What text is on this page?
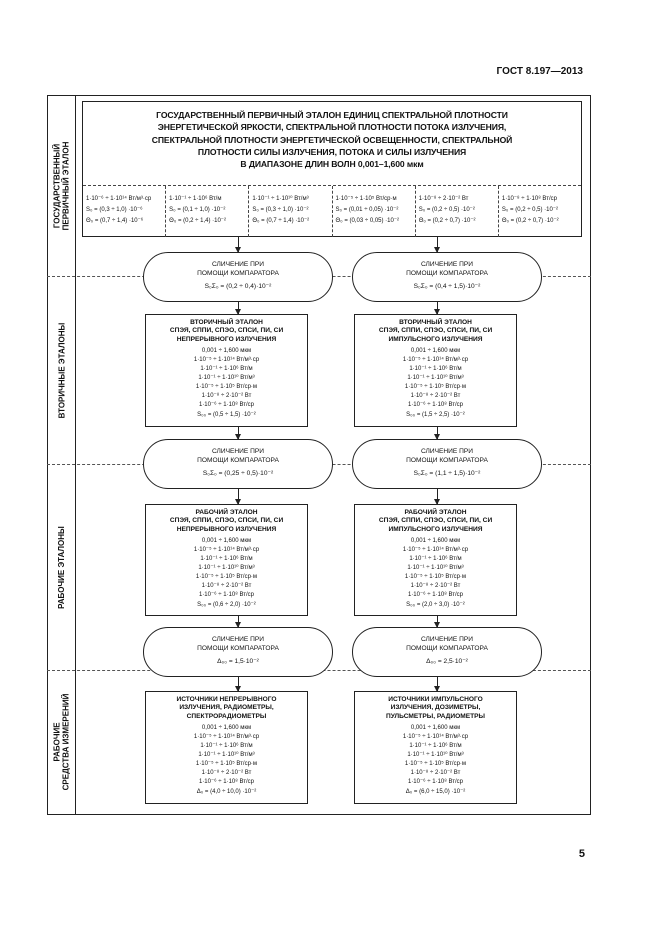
ГОСТ 8.197—2013
ГОСУДАРСТВЕННЫЙ
ПЕРВИЧНЫЙ ЭТАЛОН
ВТОРИЧНЫЕ ЭТАЛОНЫ
РАБОЧИЕ ЭТАЛОНЫ
РАБОЧИЕ
СРЕДСТВА ИЗМЕРЕНИЙ
ГОСУДАРСТВЕННЫЙ ПЕРВИЧНЫЙ ЭТАЛОН ЕДИНИЦ СПЕКТРАЛЬНОЙ ПЛОТНОСТИ
ЭНЕРГЕТИЧЕСКОЙ ЯРКОСТИ, СПЕКТРАЛЬНОЙ ПЛОТНОСТИ ПОТОКА ИЗЛУЧЕНИЯ,
СПЕКТРАЛЬНОЙ ПЛОТНОСТИ ЭНЕРГЕТИЧЕСКОЙ ОСВЕЩЕННОСТИ, СПЕКТРАЛЬНОЙ
ПЛОТНОСТИ СИЛЫ ИЗЛУЧЕНИЯ, ПОТОКА И СИЛЫ ИЗЛУЧЕНИЯ
В ДИАПАЗОНЕ ДЛИН ВОЛН 0,001–1,600 мкм
1·10⁻⁶ ÷ 1·10¹⁴ Вт/м³·ср
S₀ = (0,3 ÷ 1,0) ·10⁻⁶
Θ₀ = (0,7 ÷ 1,4) ·10⁻⁶
1·10⁻¹ ÷ 1·10⁶ Вт/м
S₀ = (0,1 ÷ 1,0) ·10⁻²
Θ₀ = (0,2 ÷ 1,4) ·10⁻²
1·10⁻¹ ÷ 1·10¹⁰ Вт/м³
S₀ = (0,3 ÷ 1,0) ·10⁻²
Θ₀ = (0,7 ÷ 1,4) ·10⁻²
1·10⁻⁵ ÷ 1·10⁵ Вт/ср·м
S₀ = (0,01 ÷ 0,05) ·10⁻²
Θ₀ = (0,03 ÷ 0,05) ·10⁻²
1·10⁻⁸ ÷ 2·10⁻² Вт
S₀ = (0,2 ÷ 0,5) ·10⁻²
Θ₀ = (0,2 ÷ 0,7) ·10⁻²
1·10⁻⁸ ÷ 1·10⁸ Вт/ср
S₀ = (0,2 ÷ 0,5) ·10⁻²
Θ₀ = (0,2 ÷ 0,7) ·10⁻²
СЛИЧЕНИЕ ПРИ
ПОМОЩИ КОМПАРАТОРА
S₀Σ₀ = (0,2 ÷ 0,4)·10⁻²
СЛИЧЕНИЕ ПРИ
ПОМОЩИ КОМПАРАТОРА
S₀Σ₀ = (0,4 ÷ 1,5)·10⁻²
СЛИЧЕНИЕ ПРИ
ПОМОЩИ КОМПАРАТОРА
S₀Σ₀ = (0,25 ÷ 0,5)·10⁻²
СЛИЧЕНИЕ ПРИ
ПОМОЩИ КОМПАРАТОРА
S₀Σ₀ = (1,1 ÷ 1,5)·10⁻²
СЛИЧЕНИЕ ПРИ
ПОМОЩИ КОМПАРАТОРА
Δ₀₀ = 1,5·10⁻²
СЛИЧЕНИЕ ПРИ
ПОМОЩИ КОМПАРАТОРА
Δ₀₀ = 2,5·10⁻²
ВТОРИЧНЫЙ ЭТАЛОН
СПЭЯ, СППИ, СПЭО, СПСИ, ПИ, СИ
НЕПРЕРЫВНОГО ИЗЛУЧЕНИЯ
0,001 ÷ 1,600 мкм
1·10⁻⁵ ÷ 1·10¹⁴ Вт/м³·ср
1·10⁻¹ ÷ 1·10⁶ Вт/м
1·10⁻¹ ÷ 1·10¹⁰ Вт/м³
1·10⁻⁵ ÷ 1·10⁵ Вт/ср·м
1·10⁻⁸ ÷ 2·10⁻² Вт
1·10⁻⁶ ÷ 1·10⁸ Вт/ср
S₀₀ = (0,5 ÷ 1,5) ·10⁻²
ВТОРИЧНЫЙ ЭТАЛОН
СПЭЯ, СППИ, СПЭО, СПСИ, ПИ, СИ
ИМПУЛЬСНОГО ИЗЛУЧЕНИЯ
0,001 ÷ 1,600 мкм
1·10⁻⁵ ÷ 1·10¹⁴ Вт/м³·ср
1·10⁻¹ ÷ 1·10⁶ Вт/м
1·10⁻¹ ÷ 1·10¹⁰ Вт/м³
1·10⁻⁵ ÷ 1·10⁵ Вт/ср·м
1·10⁻⁸ ÷ 2·10⁻² Вт
1·10⁻⁶ ÷ 1·10⁸ Вт/ср
S₀₀ = (1,5 ÷ 2,5) ·10⁻²
РАБОЧИЙ ЭТАЛОН
СПЭЯ, СППИ, СПЭО, СПСИ, ПИ, СИ
НЕПРЕРЫВНОГО ИЗЛУЧЕНИЯ
0,001 ÷ 1,600 мкм
1·10⁻⁵ ÷ 1·10¹⁴ Вт/м³·ср
1·10⁻¹ ÷ 1·10⁶ Вт/м
1·10⁻¹ ÷ 1·10¹⁰ Вт/м³
1·10⁻⁵ ÷ 1·10⁵ Вт/ср·м
1·10⁻⁸ ÷ 2·10⁻² Вт
1·10⁻⁶ ÷ 1·10⁸ Вт/ср
S₀₀ = (0,6 ÷ 2,0) ·10⁻²
РАБОЧИЙ ЭТАЛОН
СПЭЯ, СППИ, СПЭО, СПСИ, ПИ, СИ
ИМПУЛЬСНОГО ИЗЛУЧЕНИЯ
0,001 ÷ 1,600 мкм
1·10⁻⁵ ÷ 1·10¹⁴ Вт/м³·ср
1·10⁻¹ ÷ 1·10⁶ Вт/м
1·10⁻¹ ÷ 1·10¹⁰ Вт/м³
1·10⁻⁵ ÷ 1·10⁵ Вт/ср·м
1·10⁻⁸ ÷ 2·10⁻² Вт
1·10⁻⁶ ÷ 1·10⁸ Вт/ср
S₀₀ = (2,0 ÷ 3,0) ·10⁻²
ИСТОЧНИКИ НЕПРЕРЫВНОГО
ИЗЛУЧЕНИЯ, РАДИОМЕТРЫ,
СПЕКТРОРАДИОМЕТРЫ
0,001 ÷ 1,600 мкм
1·10⁻⁵ ÷ 1·10¹⁴ Вт/м³·ср
1·10⁻¹ ÷ 1·10⁶ Вт/м
1·10⁻¹ ÷ 1·10¹⁰ Вт/м³
1·10⁻⁵ ÷ 1·10⁵ Вт/ср·м
1·10⁻⁸ ÷ 2·10⁻² Вт
1·10⁻⁶ ÷ 1·10⁸ Вт/ср
Δ₀ = (4,0 ÷ 10,0) ·10⁻²
ИСТОЧНИКИ ИМПУЛЬСНОГО
ИЗЛУЧЕНИЯ, ДОЗИМЕТРЫ,
ПУЛЬСМЕТРЫ, РАДИОМЕТРЫ
0,001 ÷ 1,600 мкм
1·10⁻⁵ ÷ 1·10¹⁴ Вт/м³·ср
1·10⁻¹ ÷ 1·10⁶ Вт/м
1·10⁻¹ ÷ 1·10¹⁰ Вт/м³
1·10⁻⁵ ÷ 1·10⁵ Вт/ср·м
1·10⁻⁸ ÷ 2·10⁻² Вт
1·10⁻⁶ ÷ 1·10⁸ Вт/ср
Δ₀ = (6,0 ÷ 15,0) ·10⁻²
5
